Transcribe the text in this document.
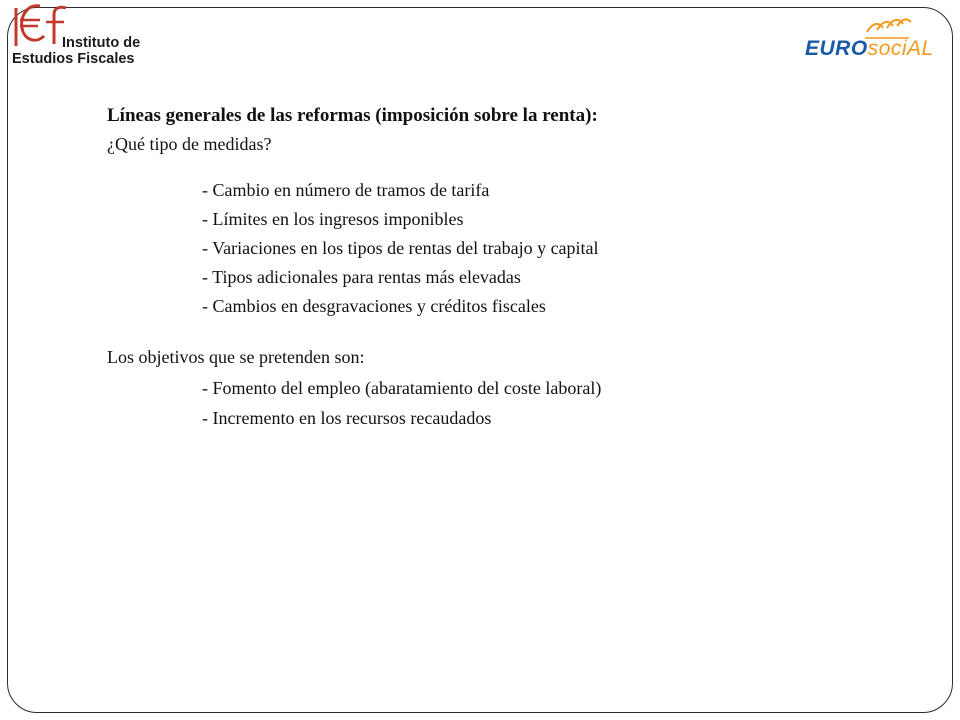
Instituto de
Estudios Fiscales	EUROsociAL

Líneas generales de las reformas (imposición sobre la renta):

¿Qué tipo de medidas?

- Cambio en número de tramos de tarifa
- Límites en los ingresos imponibles
- Variaciones en los tipos de rentas del trabajo y capital
- Tipos adicionales para rentas más elevadas
- Cambios en desgravaciones y créditos fiscales

Los objetivos que se pretenden son:

- Fomento del empleo (abaratamiento del coste laboral)
- Incremento en los recursos recaudados
